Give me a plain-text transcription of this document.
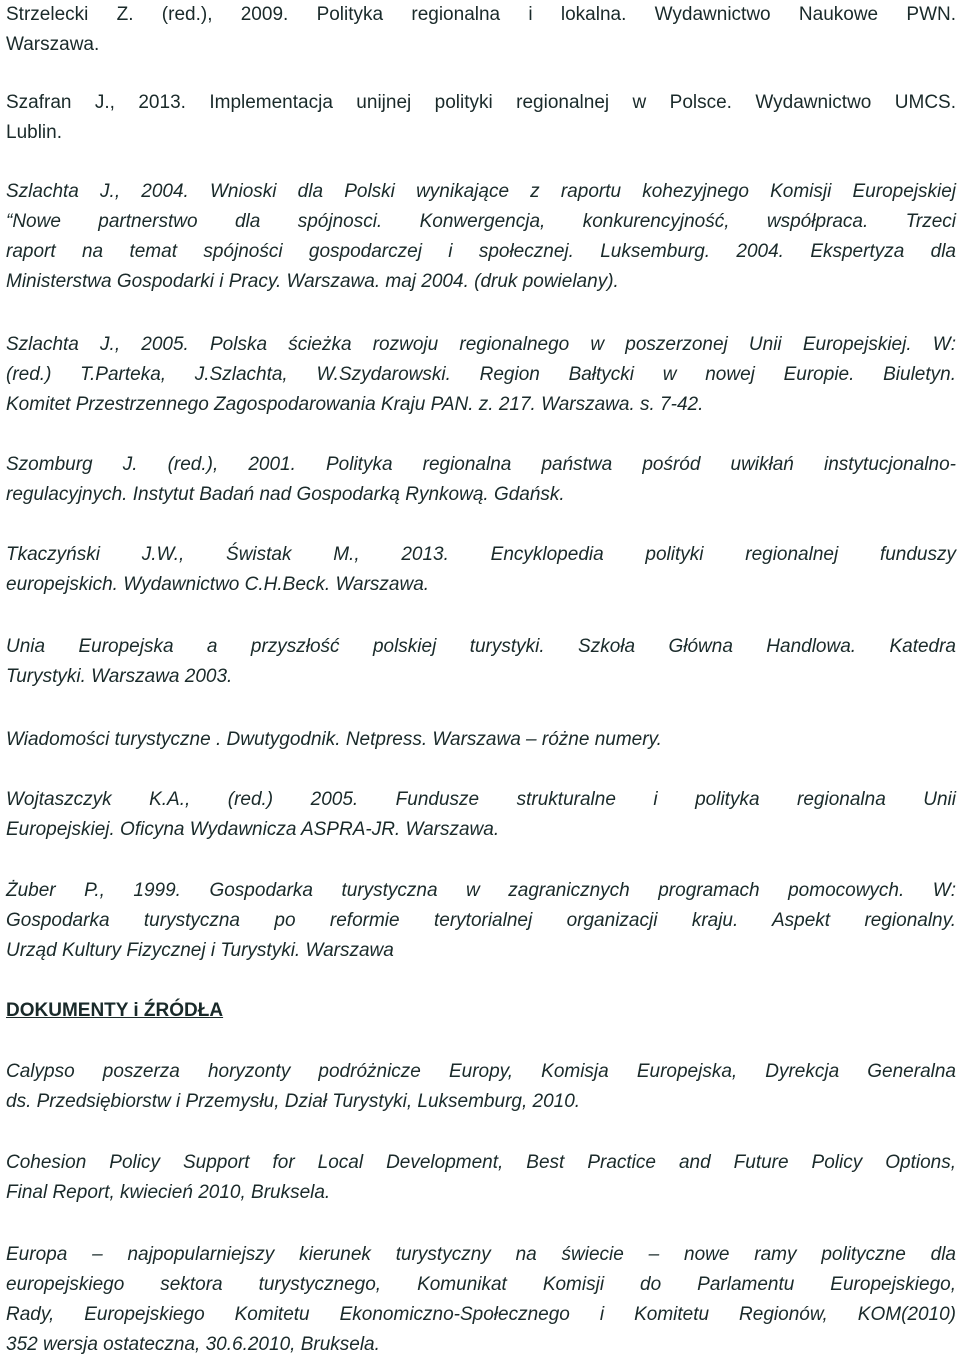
Strzelecki Z. (red.), 2009. Polityka regionalna i lokalna. Wydawnictwo Naukowe PWN.

Warszawa.

Szafran J., 2013. Implementacja unijnej polityki regionalnej w Polsce. Wydawnictwo UMCS.

Lublin.

Szlachta J., 2004. Wnioski dla Polski wynikające z raportu kohezyjnego Komisji Europejskiej

“Nowe partnerstwo dla spójnosci. Konwergencja, konkurencyjność, współpraca. Trzeci

raport na temat spójności gospodarczej i społecznej. Luksemburg. 2004. Ekspertyza dla

Ministerstwa Gospodarki i Pracy. Warszawa. maj 2004. (druk powielany).

Szlachta J., 2005. Polska ścieżka rozwoju regionalnego w poszerzonej Unii Europejskiej. W:

(red.) T.Parteka, J.Szlachta, W.Szydarowski. Region Bałtycki w nowej Europie. Biuletyn.

Komitet Przestrzennego Zagospodarowania Kraju PAN. z. 217. Warszawa. s. 7-42.

Szomburg J. (red.), 2001. Polityka regionalna państwa pośród uwikłań instytucjonalno-

regulacyjnych. Instytut Badań nad Gospodarką Rynkową. Gdańsk.

Tkaczyński J.W., Świstak M., 2013. Encyklopedia polityki regionalnej funduszy

europejskich. Wydawnictwo C.H.Beck. Warszawa.

Unia Europejska a przyszłość polskiej turystyki. Szkoła Główna Handlowa. Katedra

Turystyki. Warszawa 2003.

Wiadomości turystyczne . Dwutygodnik. Netpress. Warszawa – różne numery.

Wojtaszczyk K.A., (red.) 2005. Fundusze strukturalne i polityka regionalna Unii

Europejskiej. Oficyna Wydawnicza ASPRA-JR. Warszawa.

Żuber P., 1999. Gospodarka turystyczna w zagranicznych programach pomocowych. W:

Gospodarka turystyczna po reformie terytorialnej organizacji kraju. Aspekt regionalny.

Urząd Kultury Fizycznej i Turystyki. Warszawa

DOKUMENTY i ŹRÓDŁA

Calypso poszerza horyzonty podróżnicze Europy, Komisja Europejska, Dyrekcja Generalna

ds. Przedsiębiorstw i Przemysłu, Dział Turystyki, Luksemburg, 2010.

Cohesion Policy Support for Local Development, Best Practice and Future Policy Options,

Final Report, kwiecień 2010, Bruksela.

Europa – najpopularniejszy kierunek turystyczny na świecie – nowe ramy polityczne dla

europejskiego sektora turystycznego, Komunikat Komisji do Parlamentu Europejskiego,

Rady, Europejskiego Komitetu Ekonomiczno-Społecznego i Komitetu Regionów, KOM(2010)

352 wersja ostateczna, 30.6.2010, Bruksela.
